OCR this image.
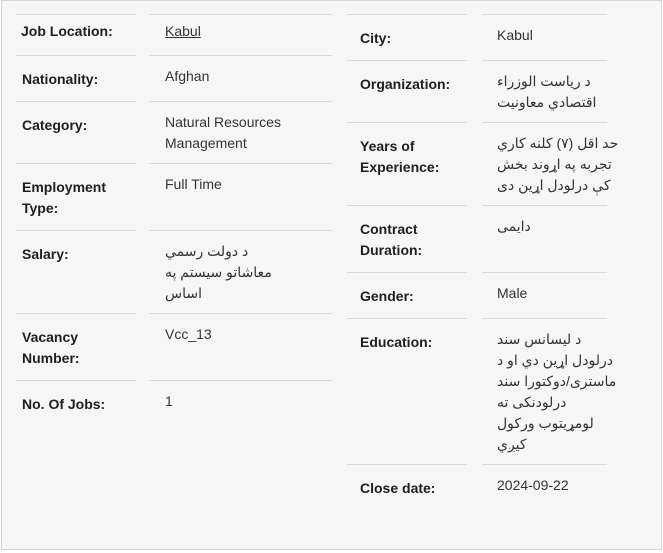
Job Location:	Kabul
Nationality:	Afghan
Category:	Natural Resources Management
Employment Type:
Full Time
Salary:	د دولت رسمي معاشاتو سیستم په اساس
Vacancy Number:
Vcc_13
No. Of Jobs:	1
City:	Kabul
Organization:	د ریاست الوزراء اقتصادي معاونیت
Years of Experience:
حد اقل (۷) کلنه کاري تجربه په اړوند بخش کې درلودل اړین دی
Contract Duration:
دایمی
Gender:	Male
Education:	د لیسانس سند درلودل اړین دي او د ماستری/دوکتورا سند درلودنکی ته لومړیتوب ورکول کیږي
Close date:	2024-09-22
